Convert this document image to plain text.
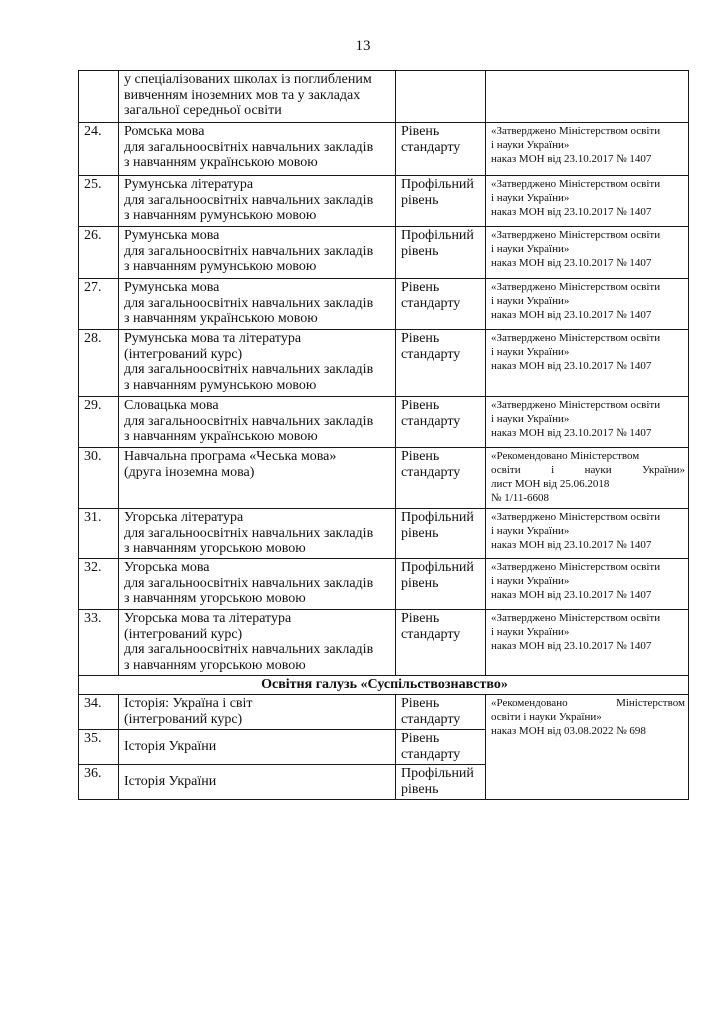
13

	у спеціалізованих школах із поглибленим
вивченням іноземних мов та у закладах
загальної середньої освіти		

24.	Ромська мова
для загальноосвітніх навчальних закладів
з навчанням українською мовою	Рівень
стандарту	«Затверджено Міністерством освіти
і науки України»
наказ МОН від 23.10.2017 № 1407

25.	Румунська література
для загальноосвітніх навчальних закладів
з навчанням румунською мовою	Профільний
рівень	«Затверджено Міністерством освіти
і науки України»
наказ МОН від 23.10.2017 № 1407

26.	Румунська мова
для загальноосвітніх навчальних закладів
з навчанням румунською мовою	Профільний
рівень	«Затверджено Міністерством освіти
і науки України»
наказ МОН від 23.10.2017 № 1407

27.	Румунська мова
для загальноосвітніх навчальних закладів
з навчанням українською мовою	Рівень
стандарту	«Затверджено Міністерством освіти
і науки України»
наказ МОН від 23.10.2017 № 1407

28.	Румунська мова та література
(інтегрований курс)
для загальноосвітніх навчальних закладів
з навчанням румунською мовою	Рівень
стандарту	«Затверджено Міністерством освіти
і науки України»
наказ МОН від 23.10.2017 № 1407

29.	Словацька мова
для загальноосвітніх навчальних закладів
з навчанням українською мовою	Рівень
стандарту	«Затверджено Міністерством освіти
і науки України»
наказ МОН від 23.10.2017 № 1407

30.	Навчальна програма «Чеська мова»
(друга іноземна мова)	Рівень
стандарту	«Рекомендовано Міністерством
освіти і науки України»
лист МОН від 25.06.2018
№ 1/11-6608

31.	Угорська література
для загальноосвітніх навчальних закладів
з навчанням угорською мовою	Профільний
рівень	«Затверджено Міністерством освіти
і науки України»
наказ МОН від 23.10.2017 № 1407

32.	Угорська мова
для загальноосвітніх навчальних закладів
з навчанням угорською мовою	Профільний
рівень	«Затверджено Міністерством освіти
і науки України»
наказ МОН від 23.10.2017 № 1407

33.	Угорська мова та література
(інтегрований курс)
для загальноосвітніх навчальних закладів
з навчанням угорською мовою	Рівень
стандарту	«Затверджено Міністерством освіти
і науки України»
наказ МОН від 23.10.2017 № 1407

Освітня галузь «Суспільствознавство»			
34.	Історія: Україна і світ
(інтегрований курс)	Рівень
стандарту	«Рекомендовано Міністерством
освіти і науки України»
наказ МОН від 03.08.2022 № 698

35.	Історія України	Рівень
стандарту	

36.	Історія України	Профільний
рівень	
